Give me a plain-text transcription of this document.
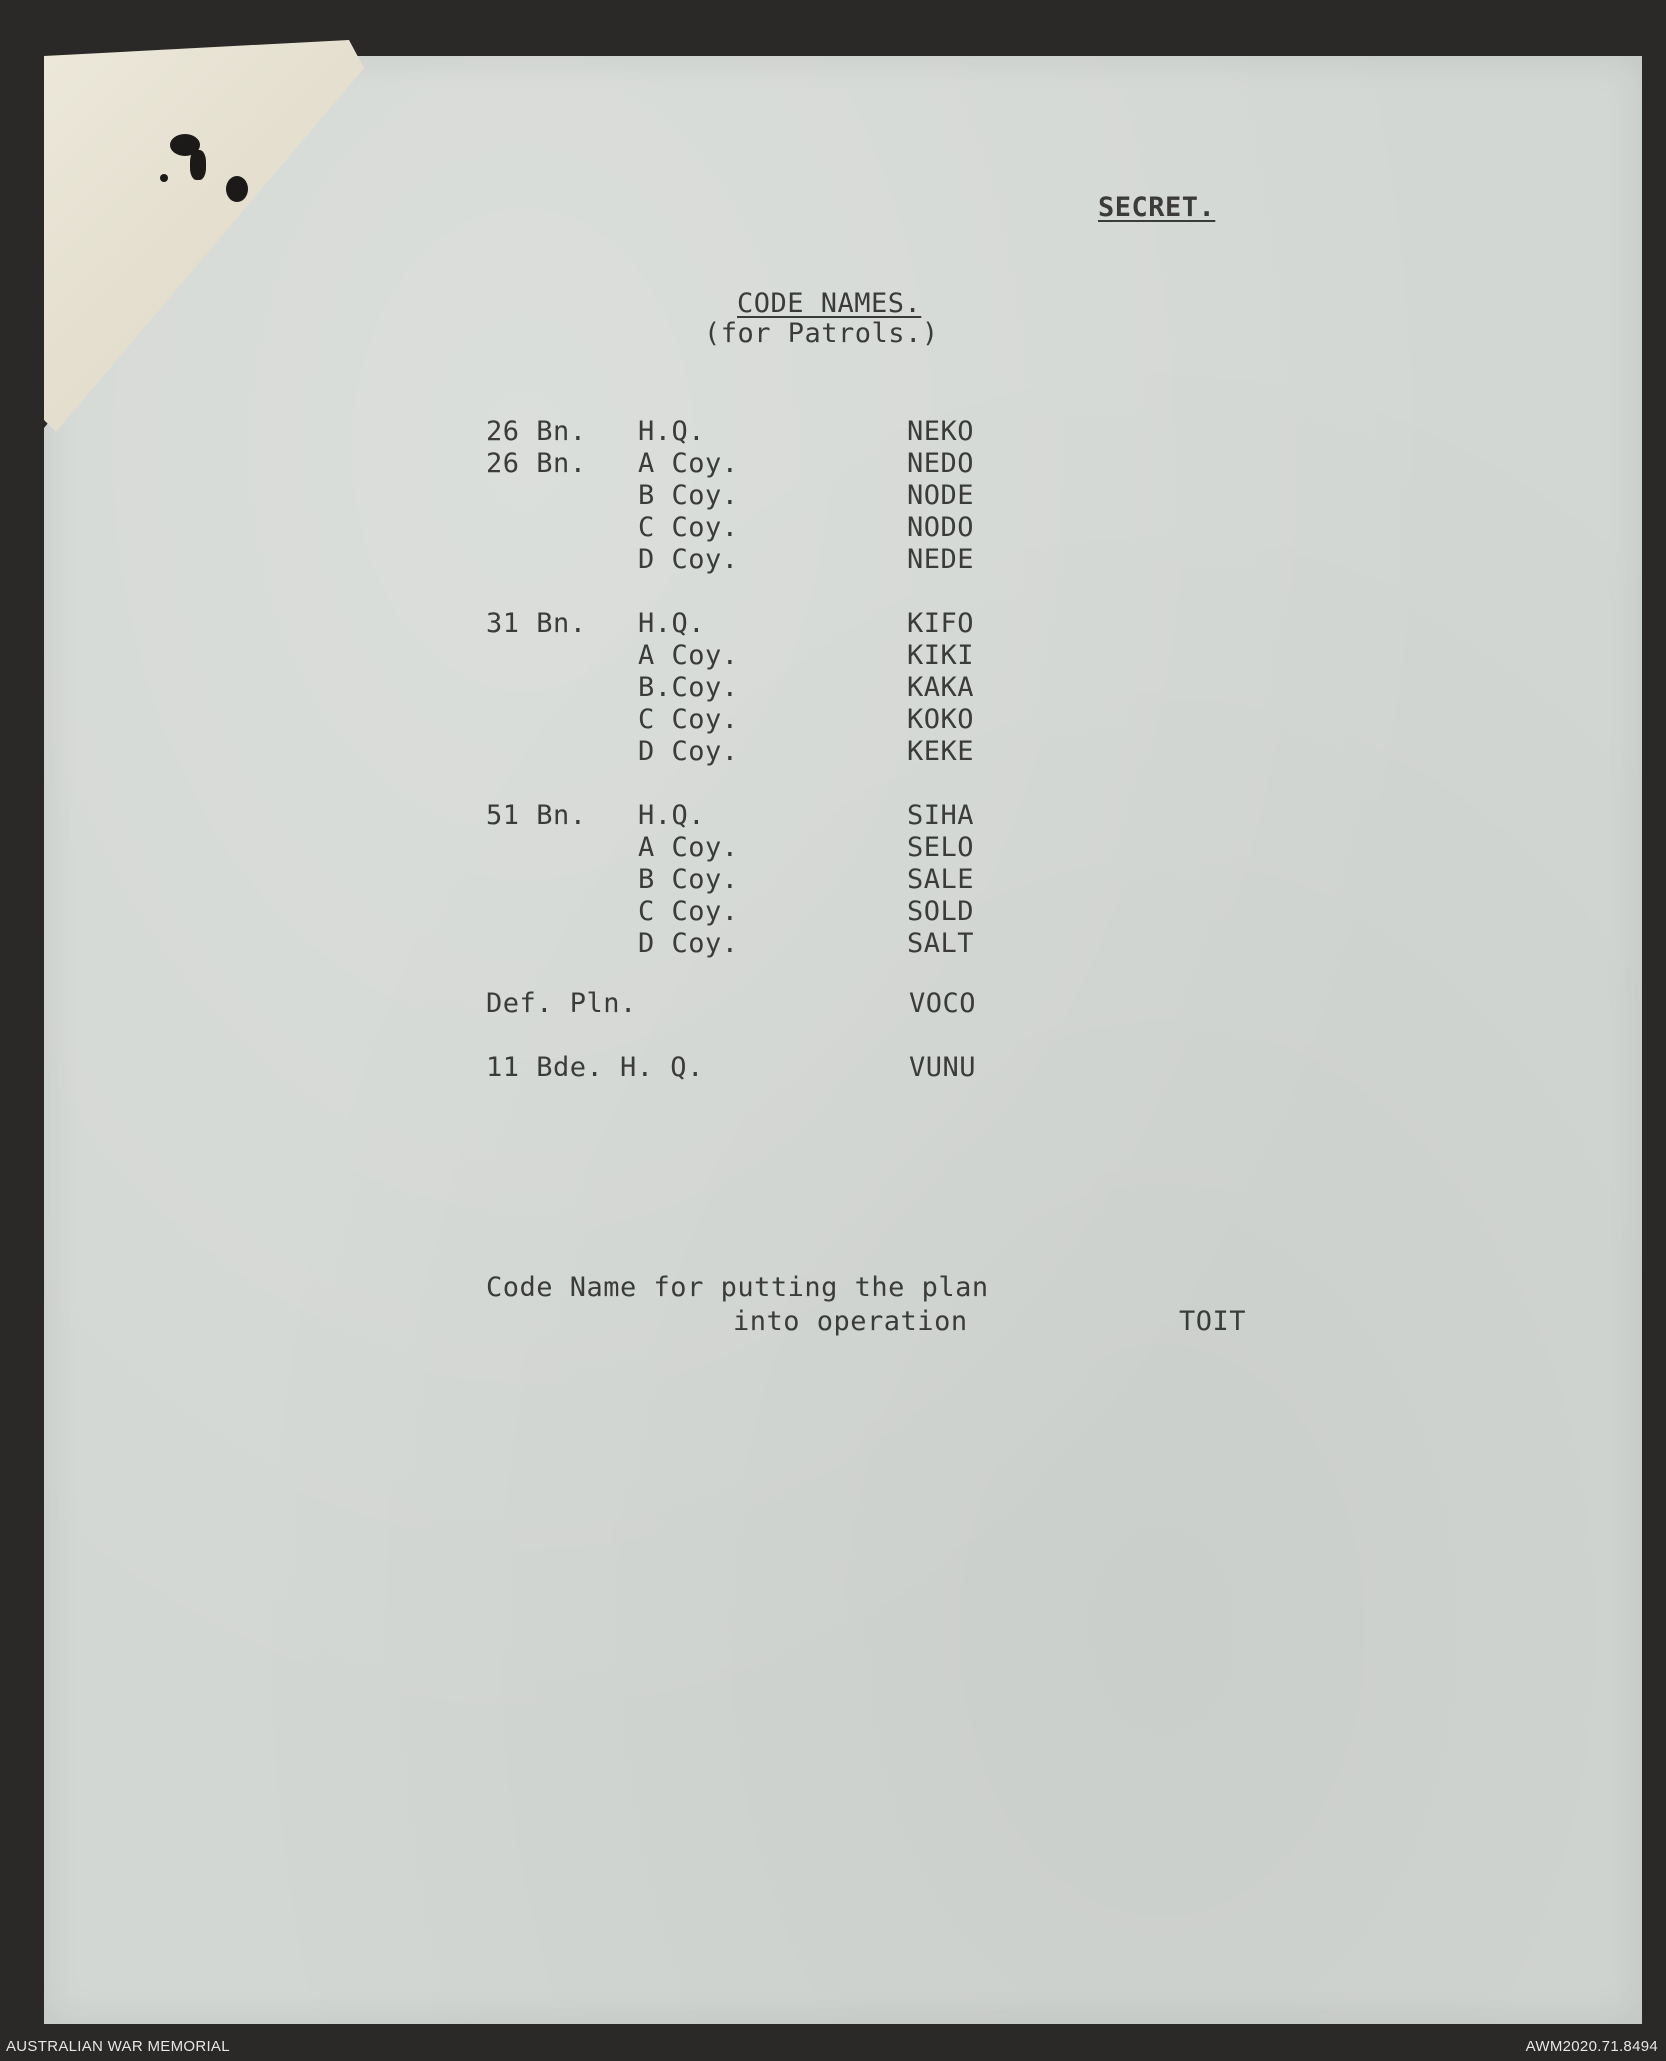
SECRET.
CODE NAMES.
(for Patrols.)
26 Bn. H.Q.	NEKO
26 Bn. A Coy.	NEDO
B Coy.	NODE
C Coy.	NODO
D Coy.	NEDE
31 Bn. H.Q.	KIFO
A Coy.	KIKI
B.Coy.	KAKA
C Coy.	KOKO
D Coy.	KEKE
51 Bn. H.Q.	SIHA
A Coy.	SELO
B Coy.	SALE
C Coy.	SOLD
D Coy.	SALT
Def. Pln.	VOCO
11 Bde. H. Q.	VUNU
Code Name for putting the plan
into operation	TOIT
AUSTRALIAN WAR MEMORIAL	AWM2020.71.8494
